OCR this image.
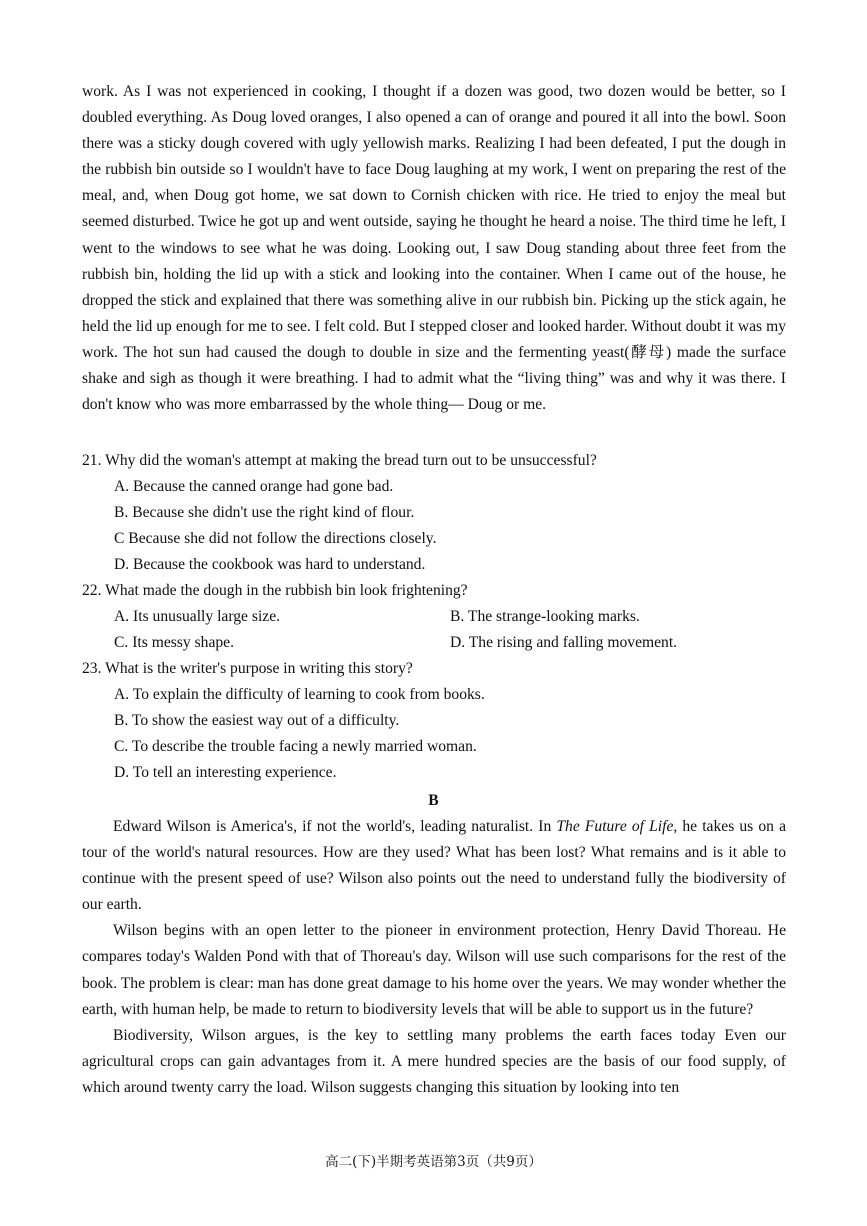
work. As I was not experienced in cooking, I thought if a dozen was good, two dozen would be better, so I doubled everything. As Doug loved oranges, I also opened a can of orange and poured it all into the bowl. Soon there was a sticky dough covered with ugly yellowish marks. Realizing I had been defeated, I put the dough in the rubbish bin outside so I wouldn't have to face Doug laughing at my work, I went on preparing the rest of the meal, and, when Doug got home, we sat down to Cornish chicken with rice. He tried to enjoy the meal but seemed disturbed. Twice he got up and went outside, saying he thought he heard a noise. The third time he left, I went to the windows to see what he was doing. Looking out, I saw Doug standing about three feet from the rubbish bin, holding the lid up with a stick and looking into the container. When I came out of the house, he dropped the stick and explained that there was something alive in our rubbish bin. Picking up the stick again, he held the lid up enough for me to see. I felt cold. But I stepped closer and looked harder. Without doubt it was my work. The hot sun had caused the dough to double in size and the fermenting yeast(酵母) made the surface shake and sigh as though it were breathing. I had to admit what the “living thing” was and why it was there. I don't know who was more embarrassed by the whole thing— Doug or me.

21. Why did the woman's attempt at making the bread turn out to be unsuccessful?
A. Because the canned orange had gone bad.
B. Because she didn't use the right kind of flour.
C Because she did not follow the directions closely.
D. Because the cookbook was hard to understand.
22. What made the dough in the rubbish bin look frightening?
A. Its unusually large size.	B. The strange-looking marks.
C. Its messy shape.	D. The rising and falling movement.
23. What is the writer's purpose in writing this story?
A. To explain the difficulty of learning to cook from books.
B. To show the easiest way out of a difficulty.
C. To describe the trouble facing a newly married woman.
D. To tell an interesting experience.
B

Edward Wilson is America's, if not the world's, leading naturalist. In The Future of Life, he takes us on a tour of the world's natural resources. How are they used? What has been lost? What remains and is it able to continue with the present speed of use? Wilson also points out the need to understand fully the biodiversity of our earth.

Wilson begins with an open letter to the pioneer in environment protection, Henry David Thoreau. He compares today's Walden Pond with that of Thoreau's day. Wilson will use such comparisons for the rest of the book. The problem is clear: man has done great damage to his home over the years. We may wonder whether the earth, with human help, be made to return to biodiversity levels that will be able to support us in the future?

Biodiversity, Wilson argues, is the key to settling many problems the earth faces today Even our agricultural crops can gain advantages from it. A mere hundred species are the basis of our food supply, of which around twenty carry the load. Wilson suggests changing this situation by looking into ten

高二(下)半期考英语第3页（共9页）
